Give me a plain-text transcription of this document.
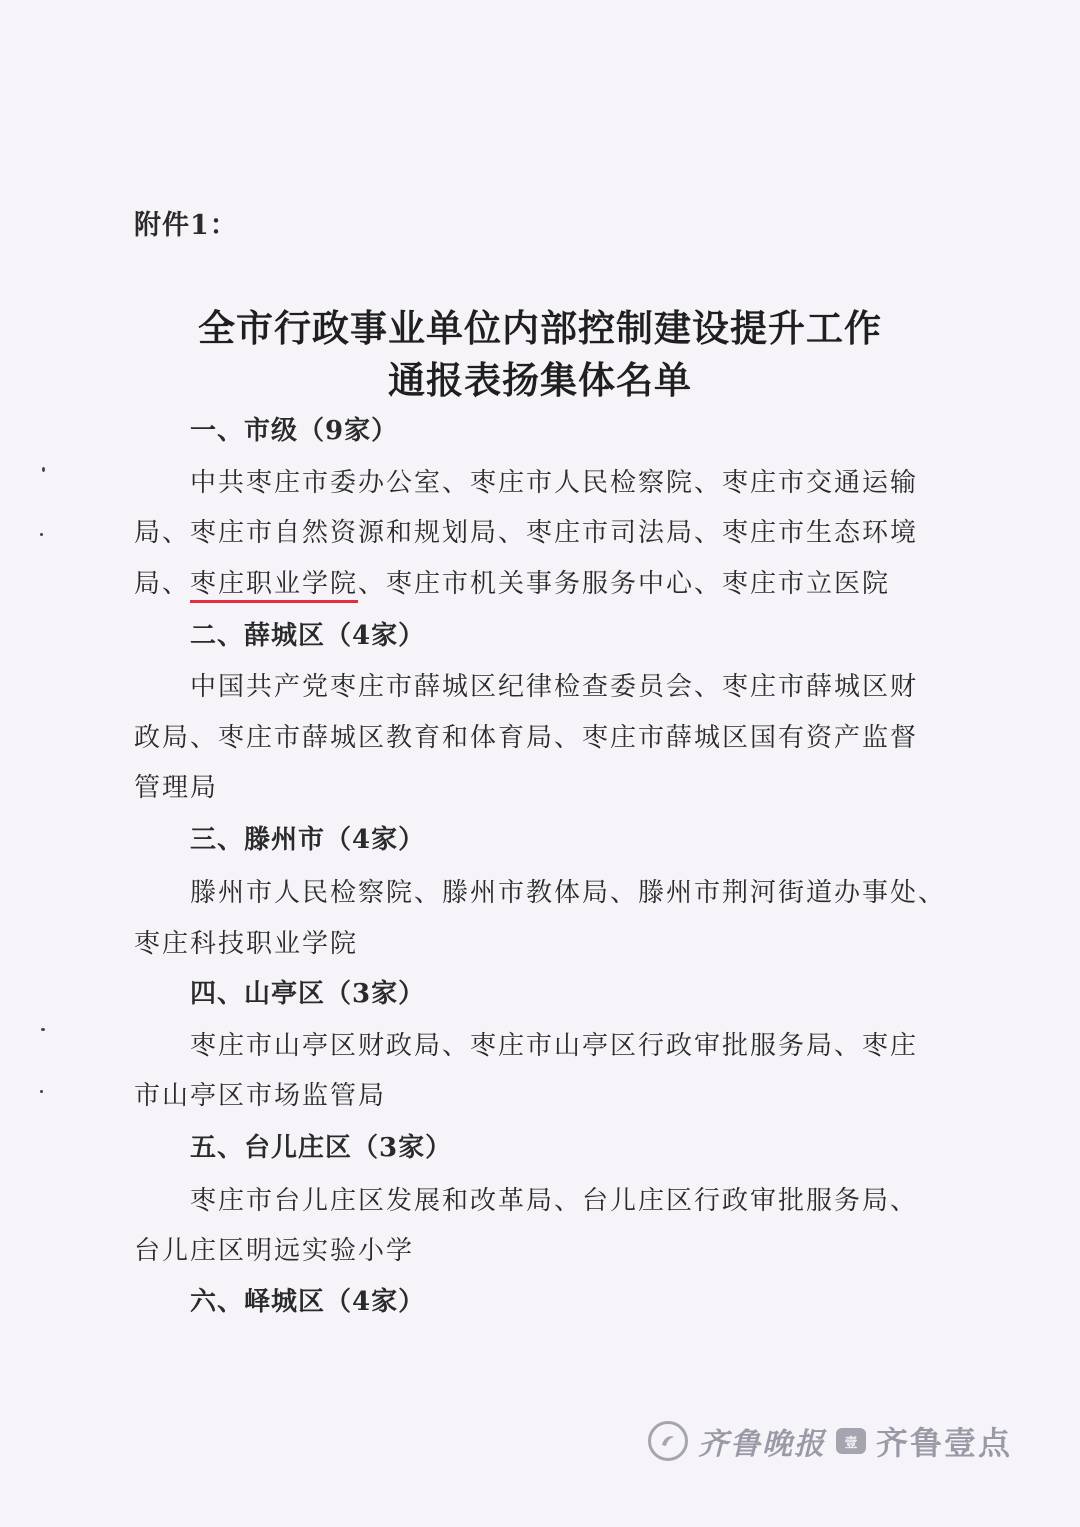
附件1：
全市行政事业单位内部控制建设提升工作
通报表扬集体名单
一、市级（9家）
中共枣庄市委办公室、枣庄市人民检察院、枣庄市交通运输
局、枣庄市自然资源和规划局、枣庄市司法局、枣庄市生态环境
局、枣庄职业学院、枣庄市机关事务服务中心、枣庄市立医院
二、薛城区（4家）
中国共产党枣庄市薛城区纪律检查委员会、枣庄市薛城区财
政局、枣庄市薛城区教育和体育局、枣庄市薛城区国有资产监督
管理局
三、滕州市（4家）
滕州市人民检察院、滕州市教体局、滕州市荆河街道办事处、
枣庄科技职业学院
四、山亭区（3家）
枣庄市山亭区财政局、枣庄市山亭区行政审批服务局、枣庄
市山亭区市场监管局
五、台儿庄区（3家）
枣庄市台儿庄区发展和改革局、台儿庄区行政审批服务局、
台儿庄区明远实验小学
六、峄城区（4家）
齐鲁晚报	壹 齐鲁壹点
